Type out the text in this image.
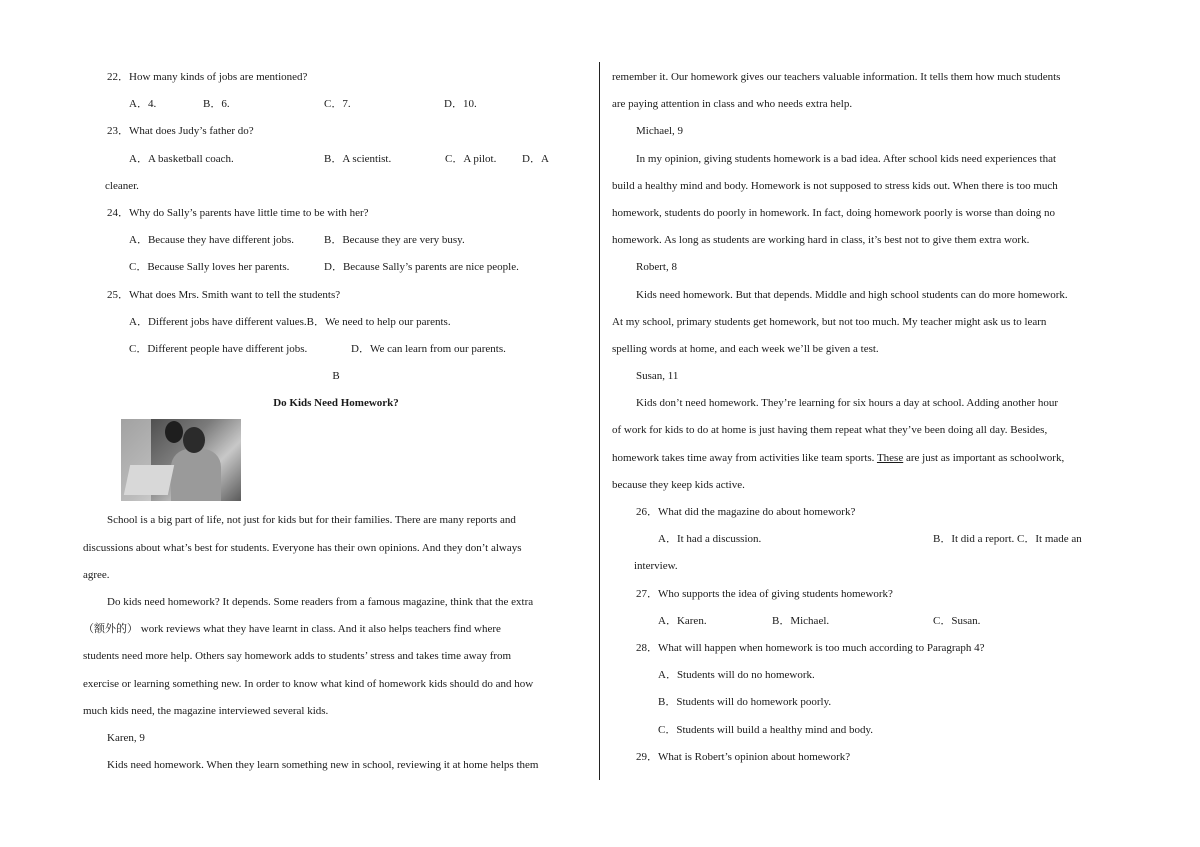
22．How many kinds of jobs are mentioned?
A．4.	B．6.	C．7.	D．10.
23．What does Judy’s father do?
A．A basketball coach.	B．A scientist.	C．A pilot.	D．A
cleaner.
24．Why do Sally’s parents have little time to be with her?
A．Because they have different jobs.	B．Because they are very busy.
C．Because Sally loves her parents.	D．Because Sally’s parents are nice people.
25．What does Mrs. Smith want to tell the students?
A．Different jobs have different values.B．We need to help our parents.
C．Different people have different jobs.	D．We can learn from our parents.
B
Do Kids Need Homework?
School is a big part of life, not just for kids but for their families. There are many reports and
discussions about what’s best for students. Everyone has their own opinions. And they don’t always
agree.
Do kids need homework? It depends. Some readers from a famous magazine, think that the extra
（额外的） work reviews what they have learnt in class. And it also helps teachers find where
students need more help. Others say homework adds to students’ stress and takes time away from
exercise or learning something new. In order to know what kind of homework kids should do and how
much kids need, the magazine interviewed several kids.
Karen, 9
Kids need homework. When they learn something new in school, reviewing it at home helps them
remember it. Our homework gives our teachers valuable information. It tells them how much students
are paying attention in class and who needs extra help.
Michael, 9
In my opinion, giving students homework is a bad idea. After school kids need experiences that
build a healthy mind and body. Homework is not supposed to stress kids out. When there is too much
homework, students do poorly in homework. In fact, doing homework poorly is worse than doing no
homework. As long as students are working hard in class, it’s best not to give them extra work.
Robert, 8
Kids need homework. But that depends. Middle and high school students can do more homework.
At my school, primary students get homework, but not too much. My teacher might ask us to learn
spelling words at home, and each week we’ll be given a test.
Susan, 11
Kids don’t need homework. They’re learning for six hours a day at school. Adding another hour
of work for kids to do at home is just having them repeat what they’ve been doing all day. Besides,
homework takes time away from activities like team sports. These are just as important as schoolwork,
because they keep kids active.
26．What did the magazine do about homework?
A．It had a discussion.	B．It did a report. C．It made an
interview.
27．Who supports the idea of giving students homework?
A．Karen.	B．Michael.	C．Susan.
28．What will happen when homework is too much according to Paragraph 4?
A．Students will do no homework.
B．Students will do homework poorly.
C．Students will build a healthy mind and body.
29．What is Robert’s opinion about homework?
